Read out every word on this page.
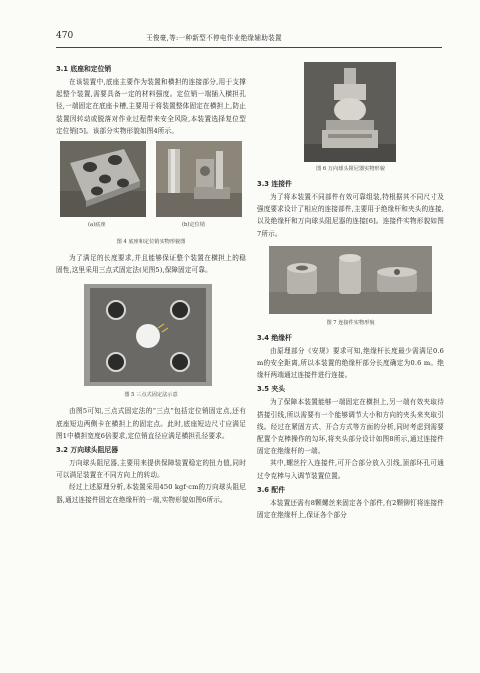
470	王俊豪,等:一种新型不停电作业绝缘辅助装置
3.1 底座和定位销
在该装置中,底座主要作为装置和横担的连接部分,用于支撑起整个装置,需要具备一定的材料强度。定位销一端插入横担孔径,一端固定在底座卡槽,主要用于将装置整体固定在横担上,防止装置因转动或脱落对作业过程带来安全风险,本装置选择复位型定位销[5]。该部分实物形貌如图4所示。
(a)底座	(b)定位销
图 4 底座和定位销实物形貌图
为了满足的长度要求,并且能够保证整个装置在横担上的稳固性,这里采用三点式固定法(见图5),保障固定可靠。
图 5 三点式固定法示意
由图5可知,三点式固定法的“三点”包括定位销固定点,还有底座短边两侧卡在横担上的固定点。此时,底座短边尺寸应满足图1中横担宽度6倍要求,定位销直径应满足横担孔径要求。
3.2 万向球头阻尼器
万向球头阻尼器,主要用来提供保障装置稳定的扭力值,同时可以满足装置在不同方向上的转动。
经过上述原理分析,本装置采用450 kgf·cm的万向球头阻尼器,通过连接件固定在绝缘杆的一端,实物形貌如图6所示。
图 6 万向球头阻尼器实物形貌
3.3 连接件
为了将本装置不同部件有效可靠组装,特根据其不同尺寸及强度要求设计了相应的连接部件,主要用于绝缘杆和夹头的连接,以及绝缘杆和万向球头阻尼器的连接[6]。连接件实物形貌如图7所示。
图 7 连接件实物形貌
3.4 绝缘杆
由原理部分《安规》要求可知,绝缘杆长度最少需满足0.6 m的安全距离,所以本装置的绝缘杆部分长度确定为0.6 m。绝缘杆两端通过连接件进行连接。
3.5 夹头
为了保障本装置能够一端固定在横担上,另一端有效夹取待搭接引线,所以需要有一个能够调节大小和方向的夹头来夹取引线。经过在紧固方式、开合方式等方面的分析,同时考虑到需要配置个克棒操作的勾环,将夹头部分设计如图8所示,通过连接件固定在绝缘杆的一端。
其中,螺丝拧入连接件,可开合部分放入引线,顶部环孔可通过令克棒与入调节装置位置。
3.6 配件
本装置还需有8颗螺丝来固定各个部件,有2颗铆钉将连接件固定在绝缘杆上,保证各个部分
